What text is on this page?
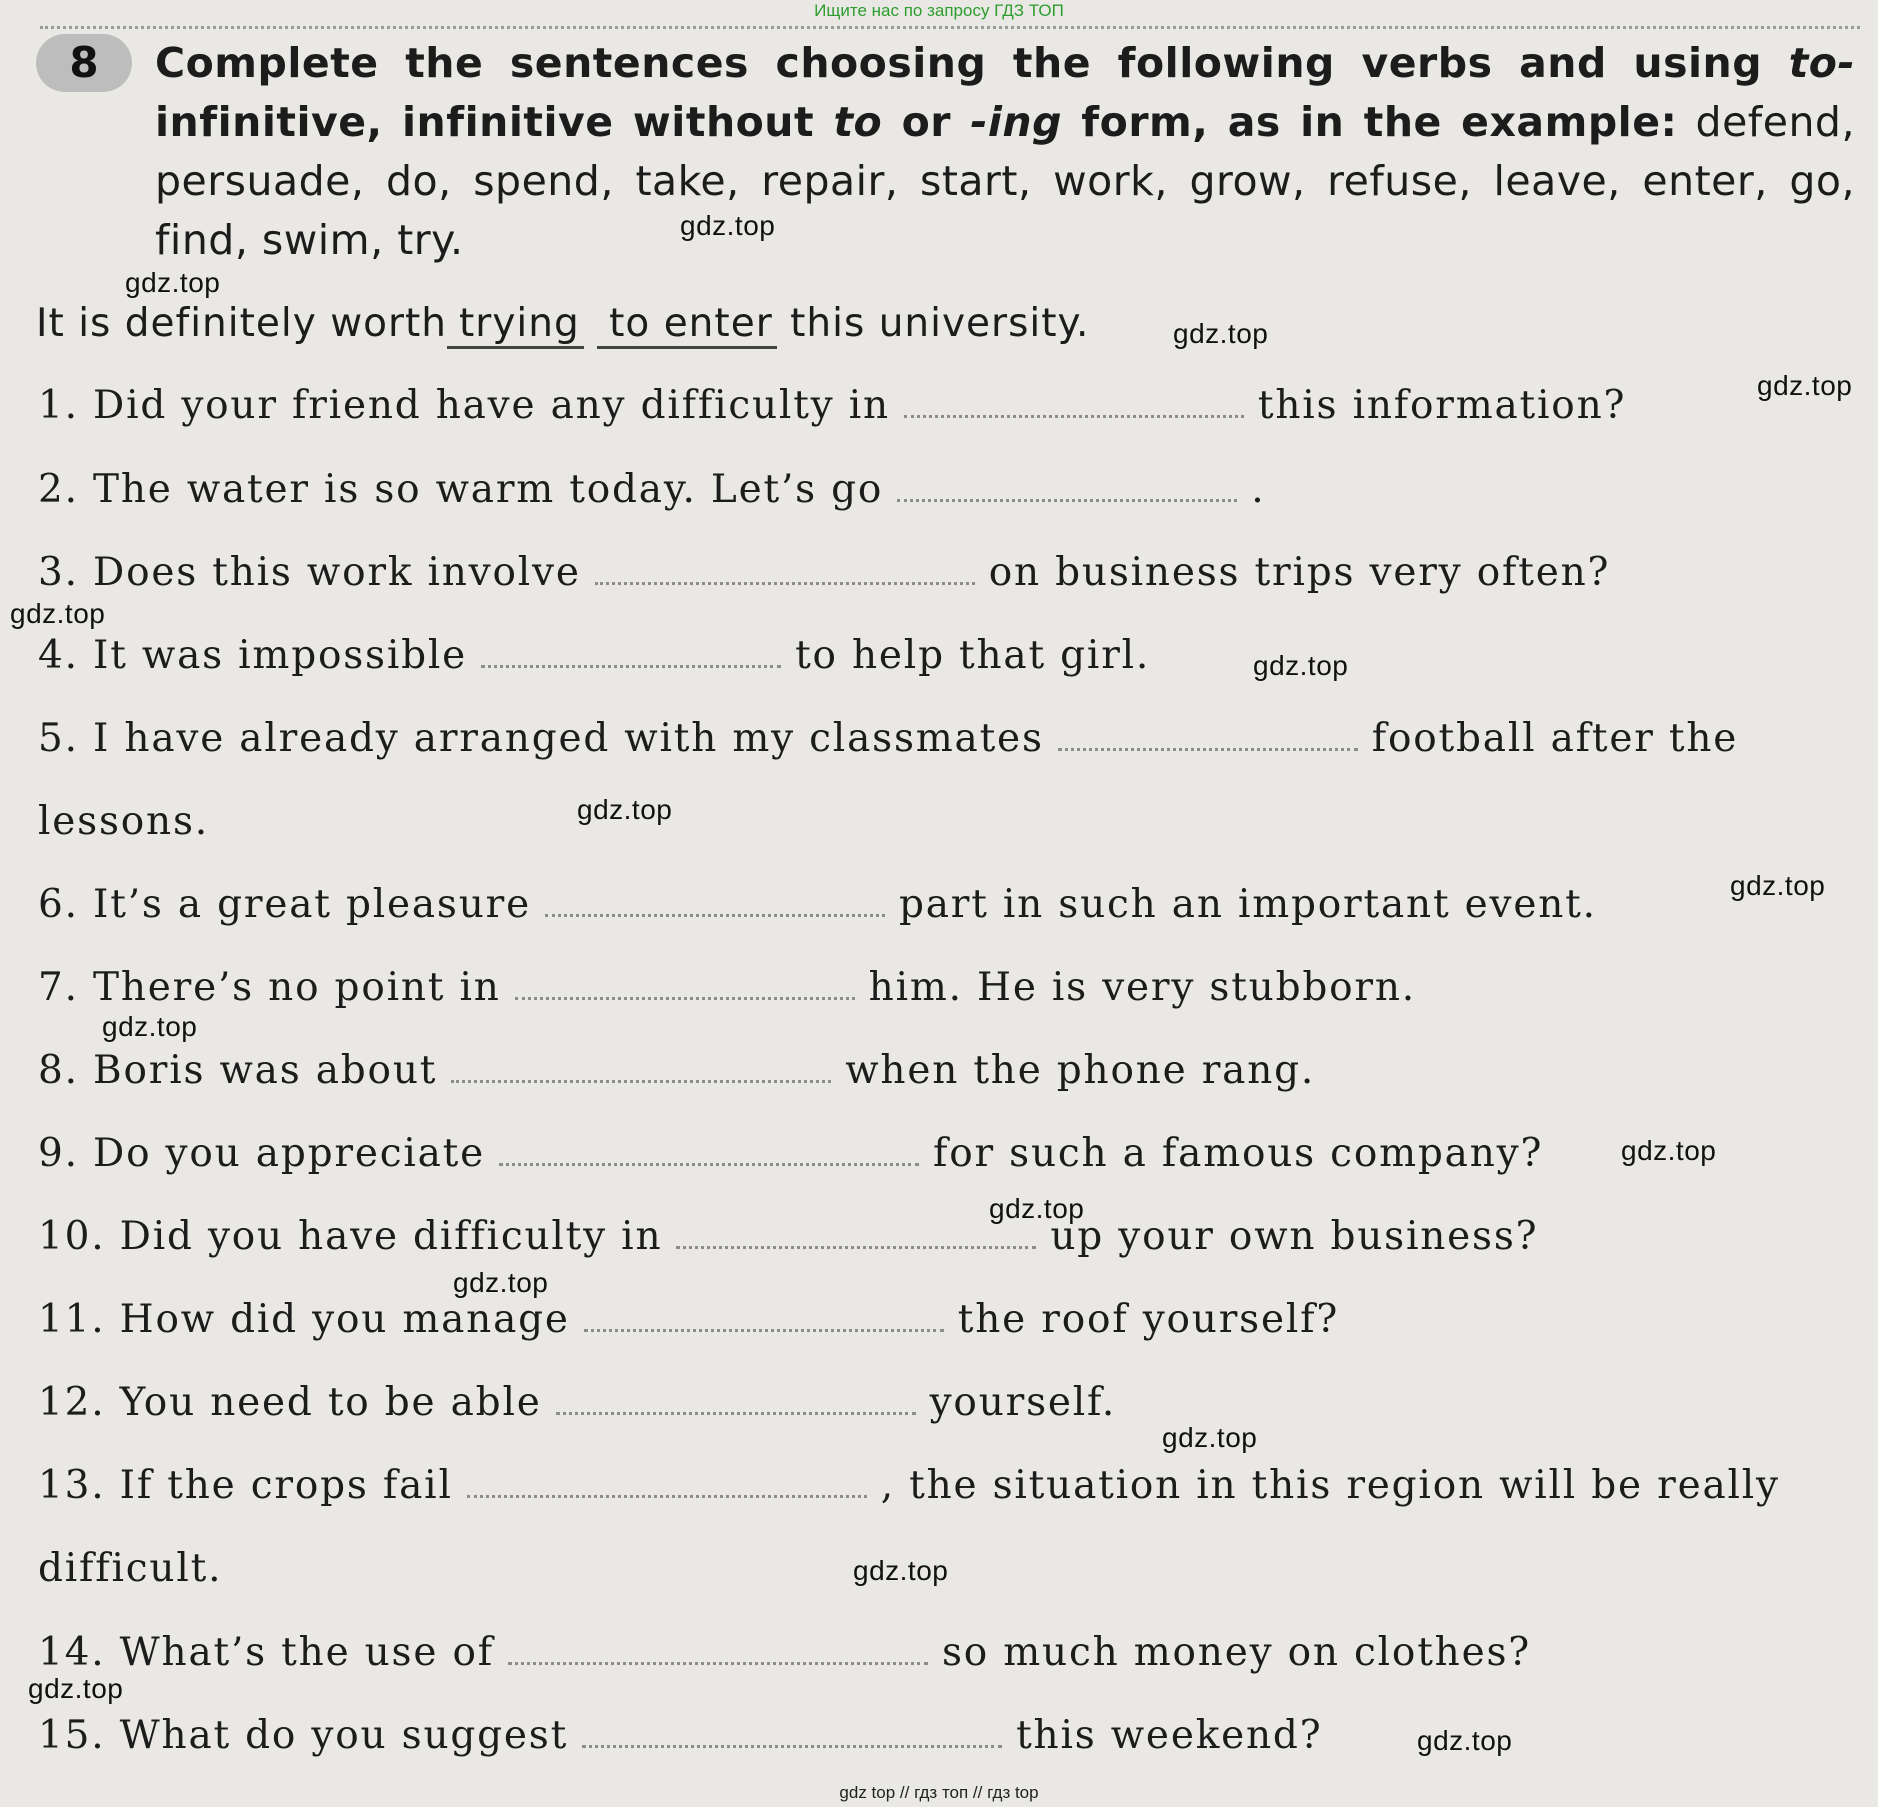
Ищите нас по запросу ГДЗ ТОП
8	Complete the sentences choosing the following verbs and using to- infinitive, infinitive without to or -ing form, as in the example: defend, persuade, do, spend, take, repair, start, work, grow, refuse, leave, enter, go, find, swim, try.
It is definitely worth trying to enter this university.
1. Did your friend have any difficulty in	this information?
2. The water is so warm today. Let’s go	.
3. Does this work involve	on business trips very often?
4. It was impossible	to help that girl.
5. I have already arranged with my classmates	football after the
lessons.
6. It’s a great pleasure	part in such an important event.
7. There’s no point in	him. He is very stubborn.
8. Boris was about	when the phone rang.
9. Do you appreciate	for such a famous company?
10. Did you have difficulty in	up your own business?
11. How did you manage	the roof yourself?
12. You need to be able	yourself.
13. If the crops fail	, the situation in this region will be really
difficult.
14. What’s the use of	so much money on clothes?
15. What do you suggest	this weekend?
gdz.top
gdz.top
gdz.top
gdz.top
gdz.top
gdz.top
gdz.top
gdz.top
gdz.top
gdz.top
gdz.top
gdz.top
gdz.top
gdz.top
gdz.top
gdz.top
gdz top // гдз топ // гдз top
